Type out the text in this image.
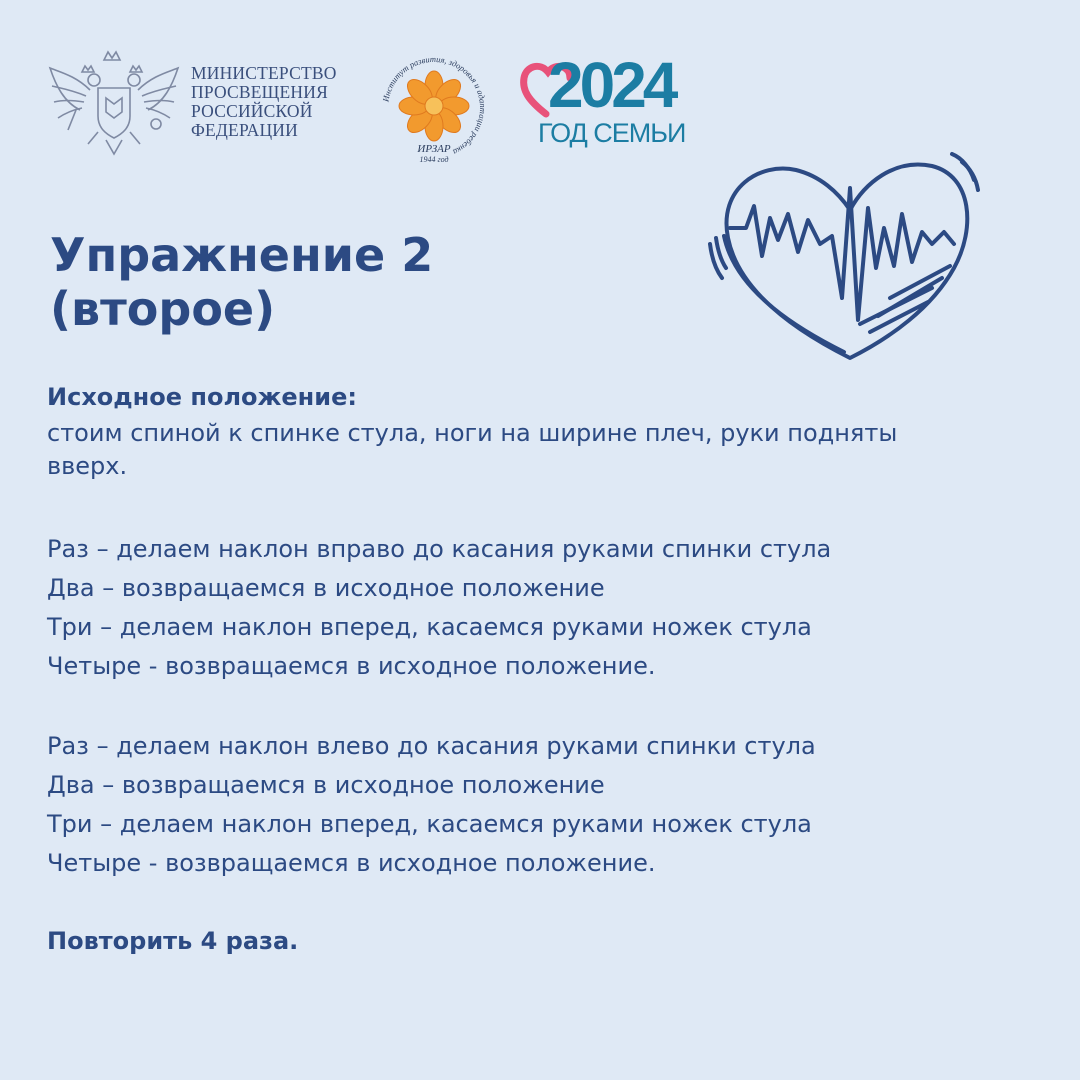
МИНИСТЕРСТВО
ПРОСВЕЩЕНИЯ
РОССИЙСКОЙ
ФЕДЕРАЦИИ
Институт развития, здоровья и адаптации ребенка
ИРЗАР
1944 год
2024
ГОД СЕМЬИ
Упражнение 2
(второе)
Исходное положение:
стоим спиной к спинке стула, ноги на ширине плеч, руки подняты вверх.
Раз – делаем наклон вправо до касания руками спинки стула
Два – возвращаемся в исходное положение
Три – делаем наклон вперед, касаемся руками ножек стула
Четыре - возвращаемся в исходное положение.
Раз – делаем наклон влево до касания руками спинки стула
Два – возвращаемся в исходное положение
Три – делаем наклон вперед, касаемся руками ножек стула
Четыре - возвращаемся в исходное положение.
Повторить 4 раза.
